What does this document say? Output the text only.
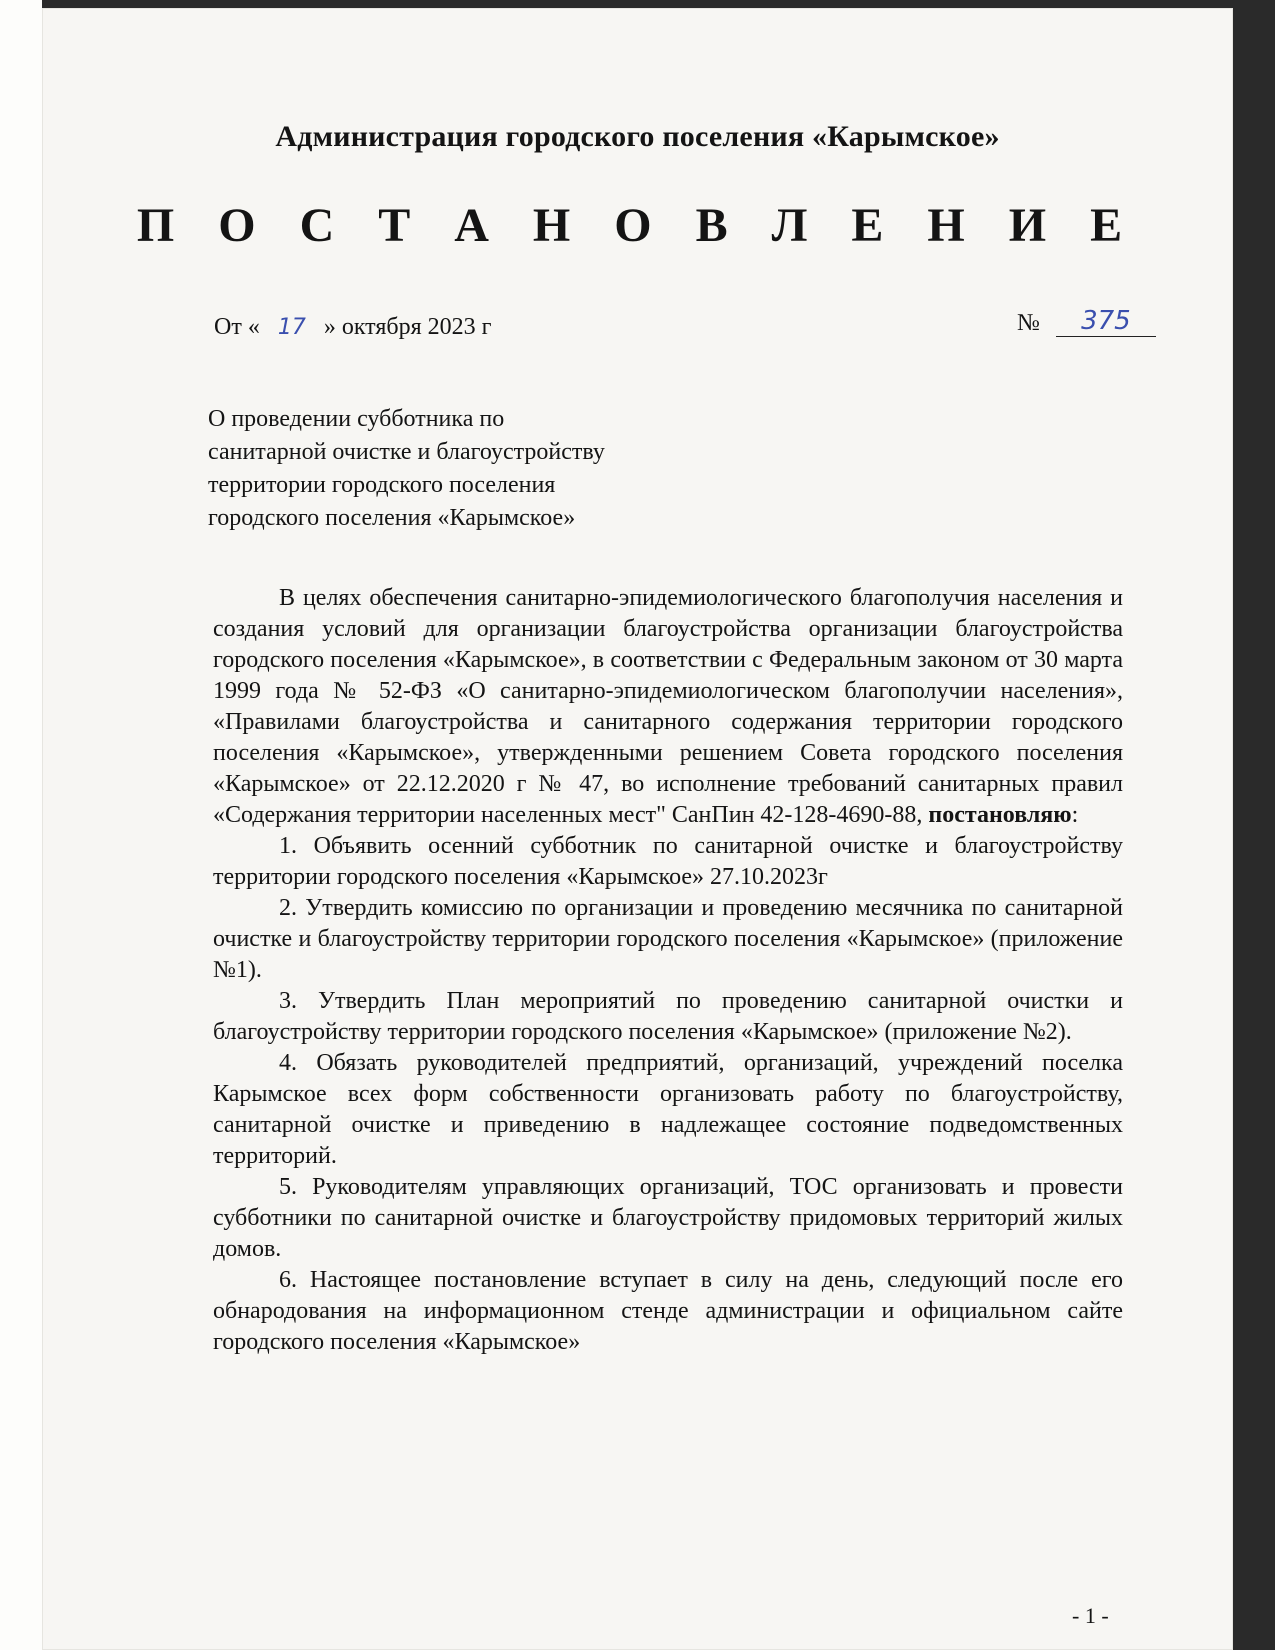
Администрация городского поселения «Карымское»
П О С Т А Н О В Л Е Н И Е
От « 17 » октября 2023 г	№ 375
О проведении субботника по
санитарной очистке и благоустройству
территории городского поселения
городского поселения «Карымское»

В целях обеспечения санитарно-эпидемиологического благополучия населения и создания условий для организации благоустройства организации благоустройства городского поселения «Карымское», в соответствии с Федеральным законом от 30 марта 1999 года № 52-ФЗ «О санитарно-эпидемиологическом благополучии населения», «Правилами благоустройства и санитарного содержания территории городского поселения «Карымское», утвержденными решением Совета городского поселения «Карымское» от 22.12.2020 г № 47, во исполнение требований санитарных правил «Содержания территории населенных мест" СанПин 42-128-4690-88, постановляю:

1. Объявить осенний субботник по санитарной очистке и благоустройству территории городского поселения «Карымское» 27.10.2023г

2. Утвердить комиссию по организации и проведению месячника по санитарной очистке и благоустройству территории городского поселения «Карымское» (приложение №1).

3. Утвердить План мероприятий по проведению санитарной очистки и благоустройству территории городского поселения «Карымское» (приложение №2).

4. Обязать руководителей предприятий, организаций, учреждений поселка Карымское всех форм собственности организовать работу по благоустройству, санитарной очистке и приведению в надлежащее состояние подведомственных территорий.

5. Руководителям управляющих организаций, ТОС организовать и провести субботники по санитарной очистке и благоустройству придомовых территорий жилых домов.

6. Настоящее постановление вступает в силу на день, следующий после его обнародования на информационном стенде администрации и официальном сайте городского поселения «Карымское»

- 1 -
